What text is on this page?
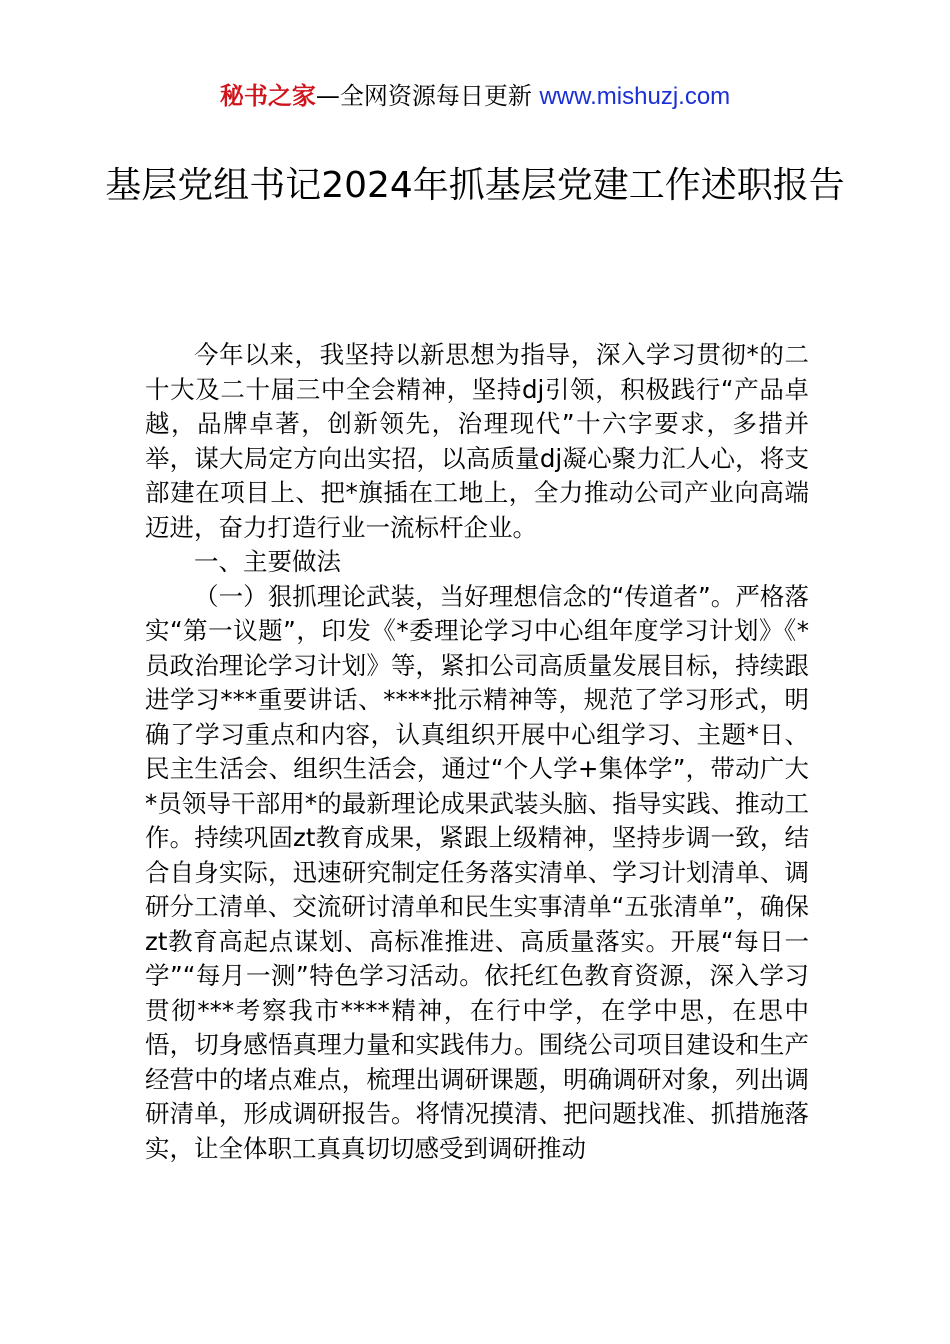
秘书之家—全网资源每日更新 www.mishuzj.com
基层党组书记2024年抓基层党建工作述职报告

今年以来，我坚持以新思想为指导，深入学习贯彻*的二十大及二十届三中全会精神，坚持dj引领，积极践行“产品卓越，品牌卓著，创新领先，治理现代”十六字要求，多措并举，谋大局定方向出实招，以高质量dj凝心聚力汇人心，将支部建在项目上、把*旗插在工地上，全力推动公司产业向高端迈进，奋力打造行业一流标杆企业。

一、主要做法

（一）狠抓理论武装，当好理想信念的“传道者”。严格落实“第一议题”，印发《*委理论学习中心组年度学习计划》《*员政治理论学习计划》等，紧扣公司高质量发展目标，持续跟进学习***重要讲话、****批示精神等，规范了学习形式，明确了学习重点和内容，认真组织开展中心组学习、主题*日、民主生活会、组织生活会，通过“个人学+集体学”，带动广大*员领导干部用*的最新理论成果武装头脑、指导实践、推动工作。持续巩固zt教育成果，紧跟上级精神，坚持步调一致，结合自身实际，迅速研究制定任务落实清单、学习计划清单、调研分工清单、交流研讨清单和民生实事清单“五张清单”，确保zt教育高起点谋划、高标准推进、高质量落实。开展“每日一学”“每月一测”特色学习活动。依托红色教育资源，深入学习贯彻***考察我市****精神，在行中学，在学中思，在思中悟，切身感悟真理力量和实践伟力。围绕公司项目建设和生产经营中的堵点难点，梳理出调研课题，明确调研对象，列出调研清单，形成调研报告。将情况摸清、把问题找准、抓措施落实，让全体职工真真切切感受到调研推动
